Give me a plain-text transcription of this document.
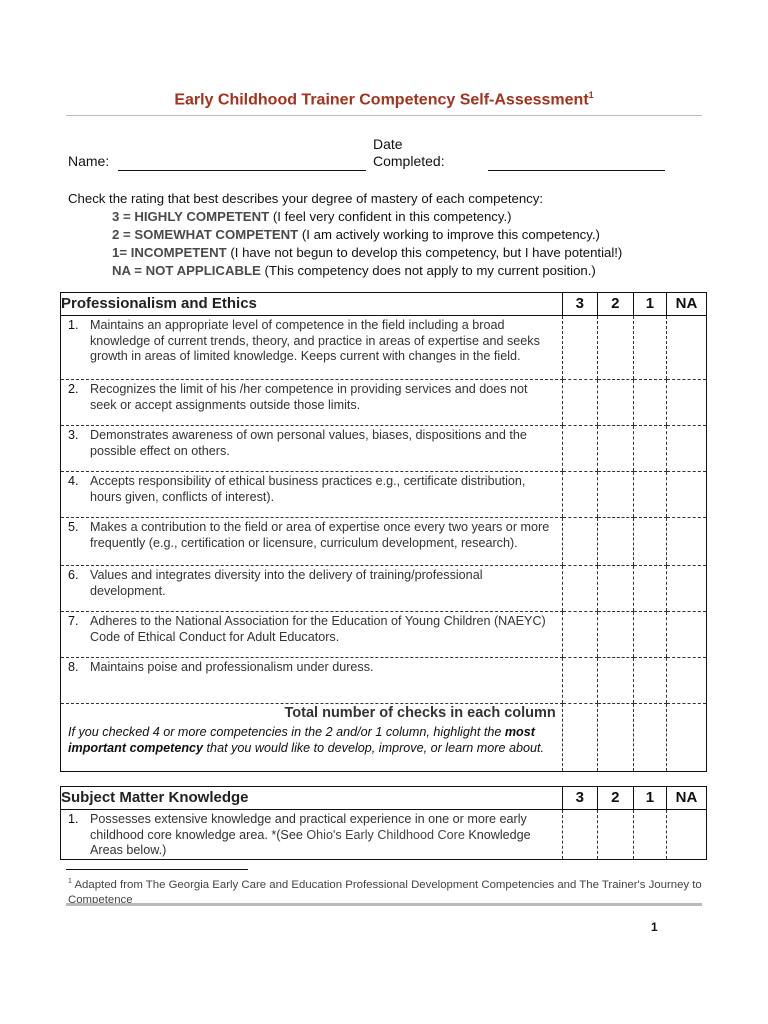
Early Childhood Trainer Competency Self-Assessment$^1$
Name:
Date
Completed:
Check the rating that best describes your degree of mastery of each competency:
3 = HIGHLY COMPETENT (I feel very confident in this competency.)
2 = SOMEWHAT COMPETENT (I am actively working to improve this competency.)
1= INCOMPETENT (I have not begun to develop this competency, but I have potential!)
NA = NOT APPLICABLE (This competency does not apply to my current position.)
Professionalism and Ethics	3	2	1	NA

1. Maintains an appropriate level of competence in the field including a broad knowledge of current trends, theory, and practice in areas of expertise and seeks growth in areas of limited knowledge. Keeps current with changes in the field.				

2. Recognizes the limit of his /her competence in providing services and does not seek or accept assignments outside those limits.				

3. Demonstrates awareness of own personal values, biases, dispositions and the possible effect on others.				

4. Accepts responsibility of ethical business practices e.g., certificate distribution, hours given, conflicts of interest).				

5. Makes a contribution to the field or area of expertise once every two years or more frequently (e.g., certification or licensure, curriculum development, research).				

6. Values and integrates diversity into the delivery of training/professional development.				

7. Adheres to the National Association for the Education of Young Children (NAEYC) Code of Ethical Conduct for Adult Educators.				

8. Maintains poise and professionalism under duress.				

Total number of checks in each column
If you checked 4 or more competencies in the 2 and/or 1 column, highlight the most important competency that you would like to develop, improve, or learn more about.				

Subject Matter Knowledge	3	2	1	NA

1. Possesses extensive knowledge and practical experience in one or more early childhood core knowledge area. *(See Ohio's Early Childhood Core Knowledge Areas below.)				

$^1$ Adapted from The Georgia Early Care and Education Professional Development Competencies and The Trainer's Journey to Competence
1
